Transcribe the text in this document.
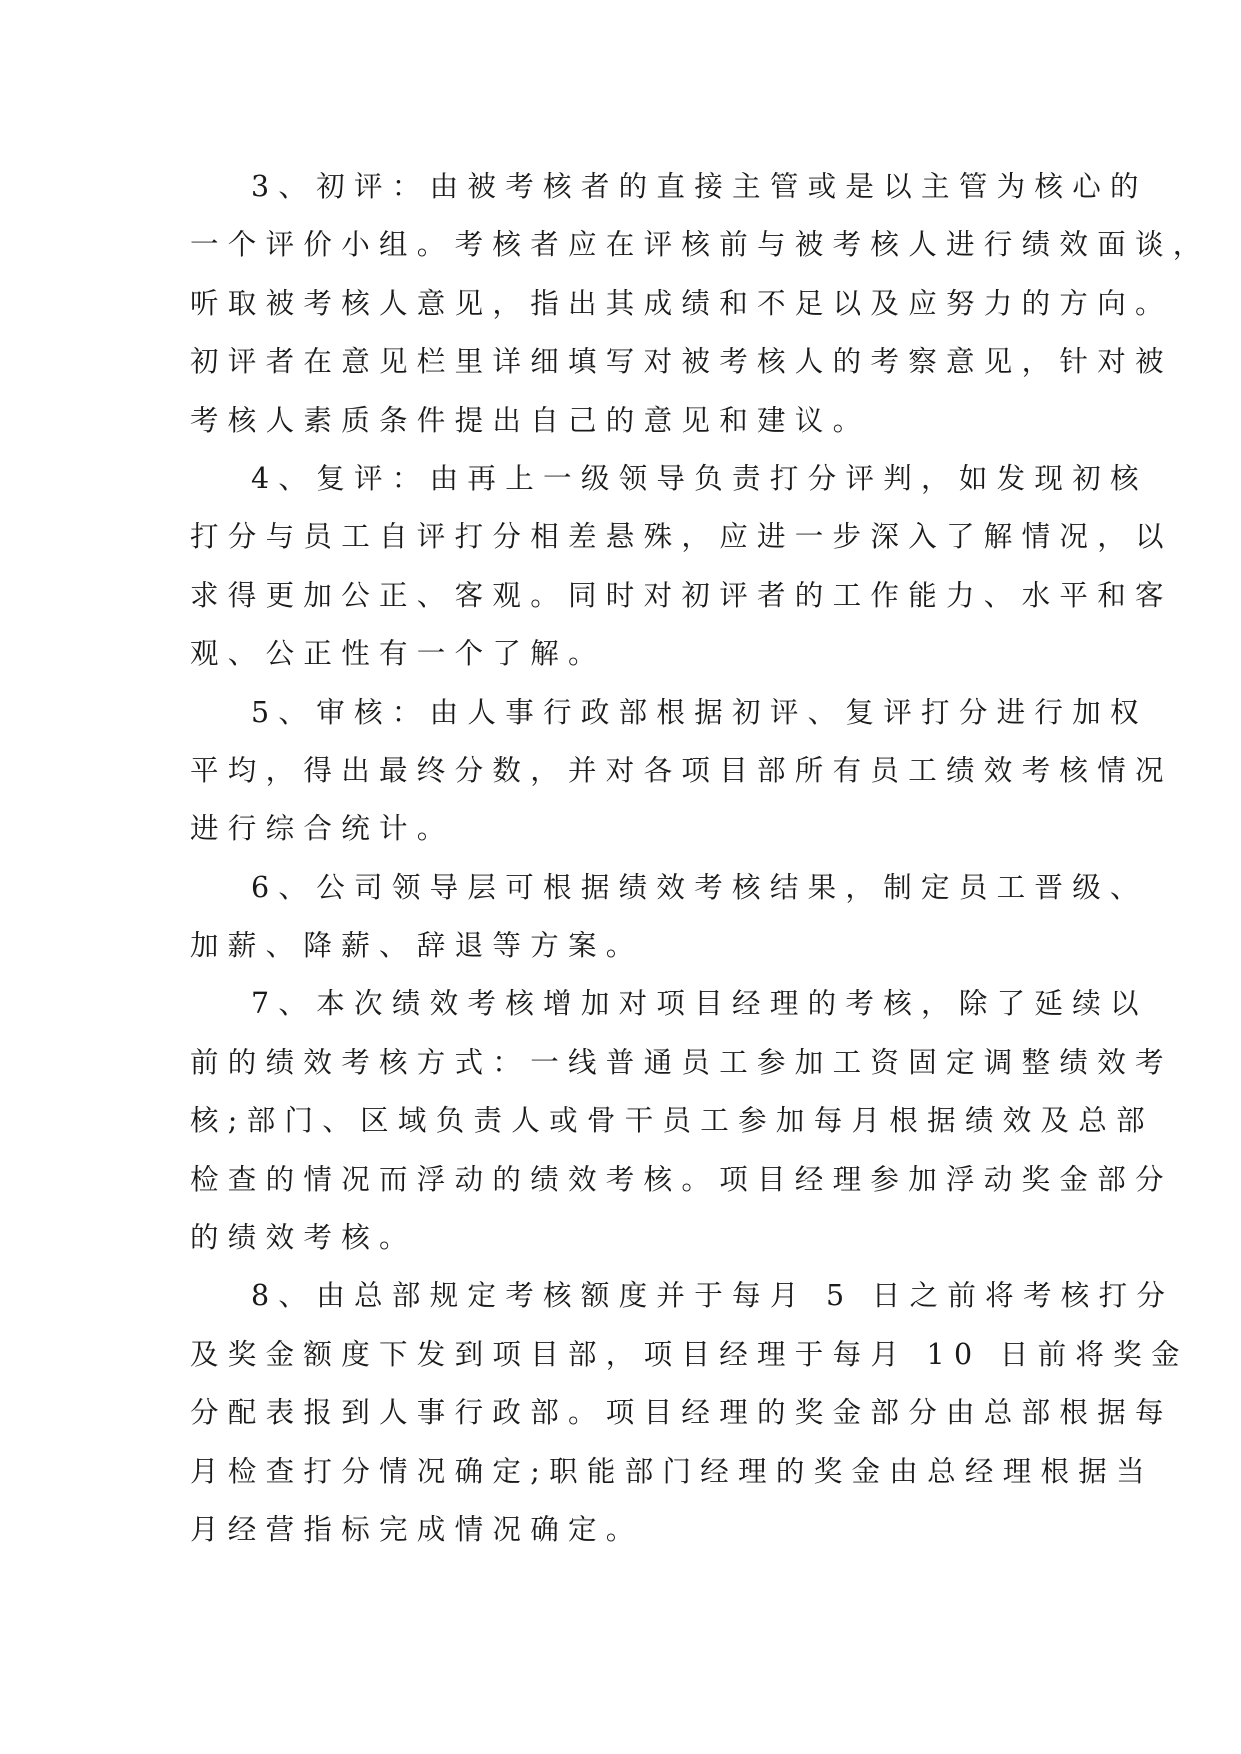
3、初评：由被考核者的直接主管或是以主管为核心的
一个评价小组。考核者应在评核前与被考核人进行绩效面谈，
听取被考核人意见，指出其成绩和不足以及应努力的方向。
初评者在意见栏里详细填写对被考核人的考察意见，针对被
考核人素质条件提出自己的意见和建议。
4、复评：由再上一级领导负责打分评判，如发现初核
打分与员工自评打分相差悬殊，应进一步深入了解情况，以
求得更加公正、客观。同时对初评者的工作能力、水平和客
观、公正性有一个了解。
5、审核：由人事行政部根据初评、复评打分进行加权
平均，得出最终分数，并对各项目部所有员工绩效考核情况
进行综合统计。
6、公司领导层可根据绩效考核结果，制定员工晋级、
加薪、降薪、辞退等方案。
7、本次绩效考核增加对项目经理的考核，除了延续以
前的绩效考核方式：一线普通员工参加工资固定调整绩效考
核;部门、区域负责人或骨干员工参加每月根据绩效及总部
检查的情况而浮动的绩效考核。项目经理参加浮动奖金部分
的绩效考核。
8、由总部规定考核额度并于每月 5 日之前将考核打分
及奖金额度下发到项目部，项目经理于每月 10 日前将奖金
分配表报到人事行政部。项目经理的奖金部分由总部根据每
月检查打分情况确定;职能部门经理的奖金由总经理根据当
月经营指标完成情况确定。
